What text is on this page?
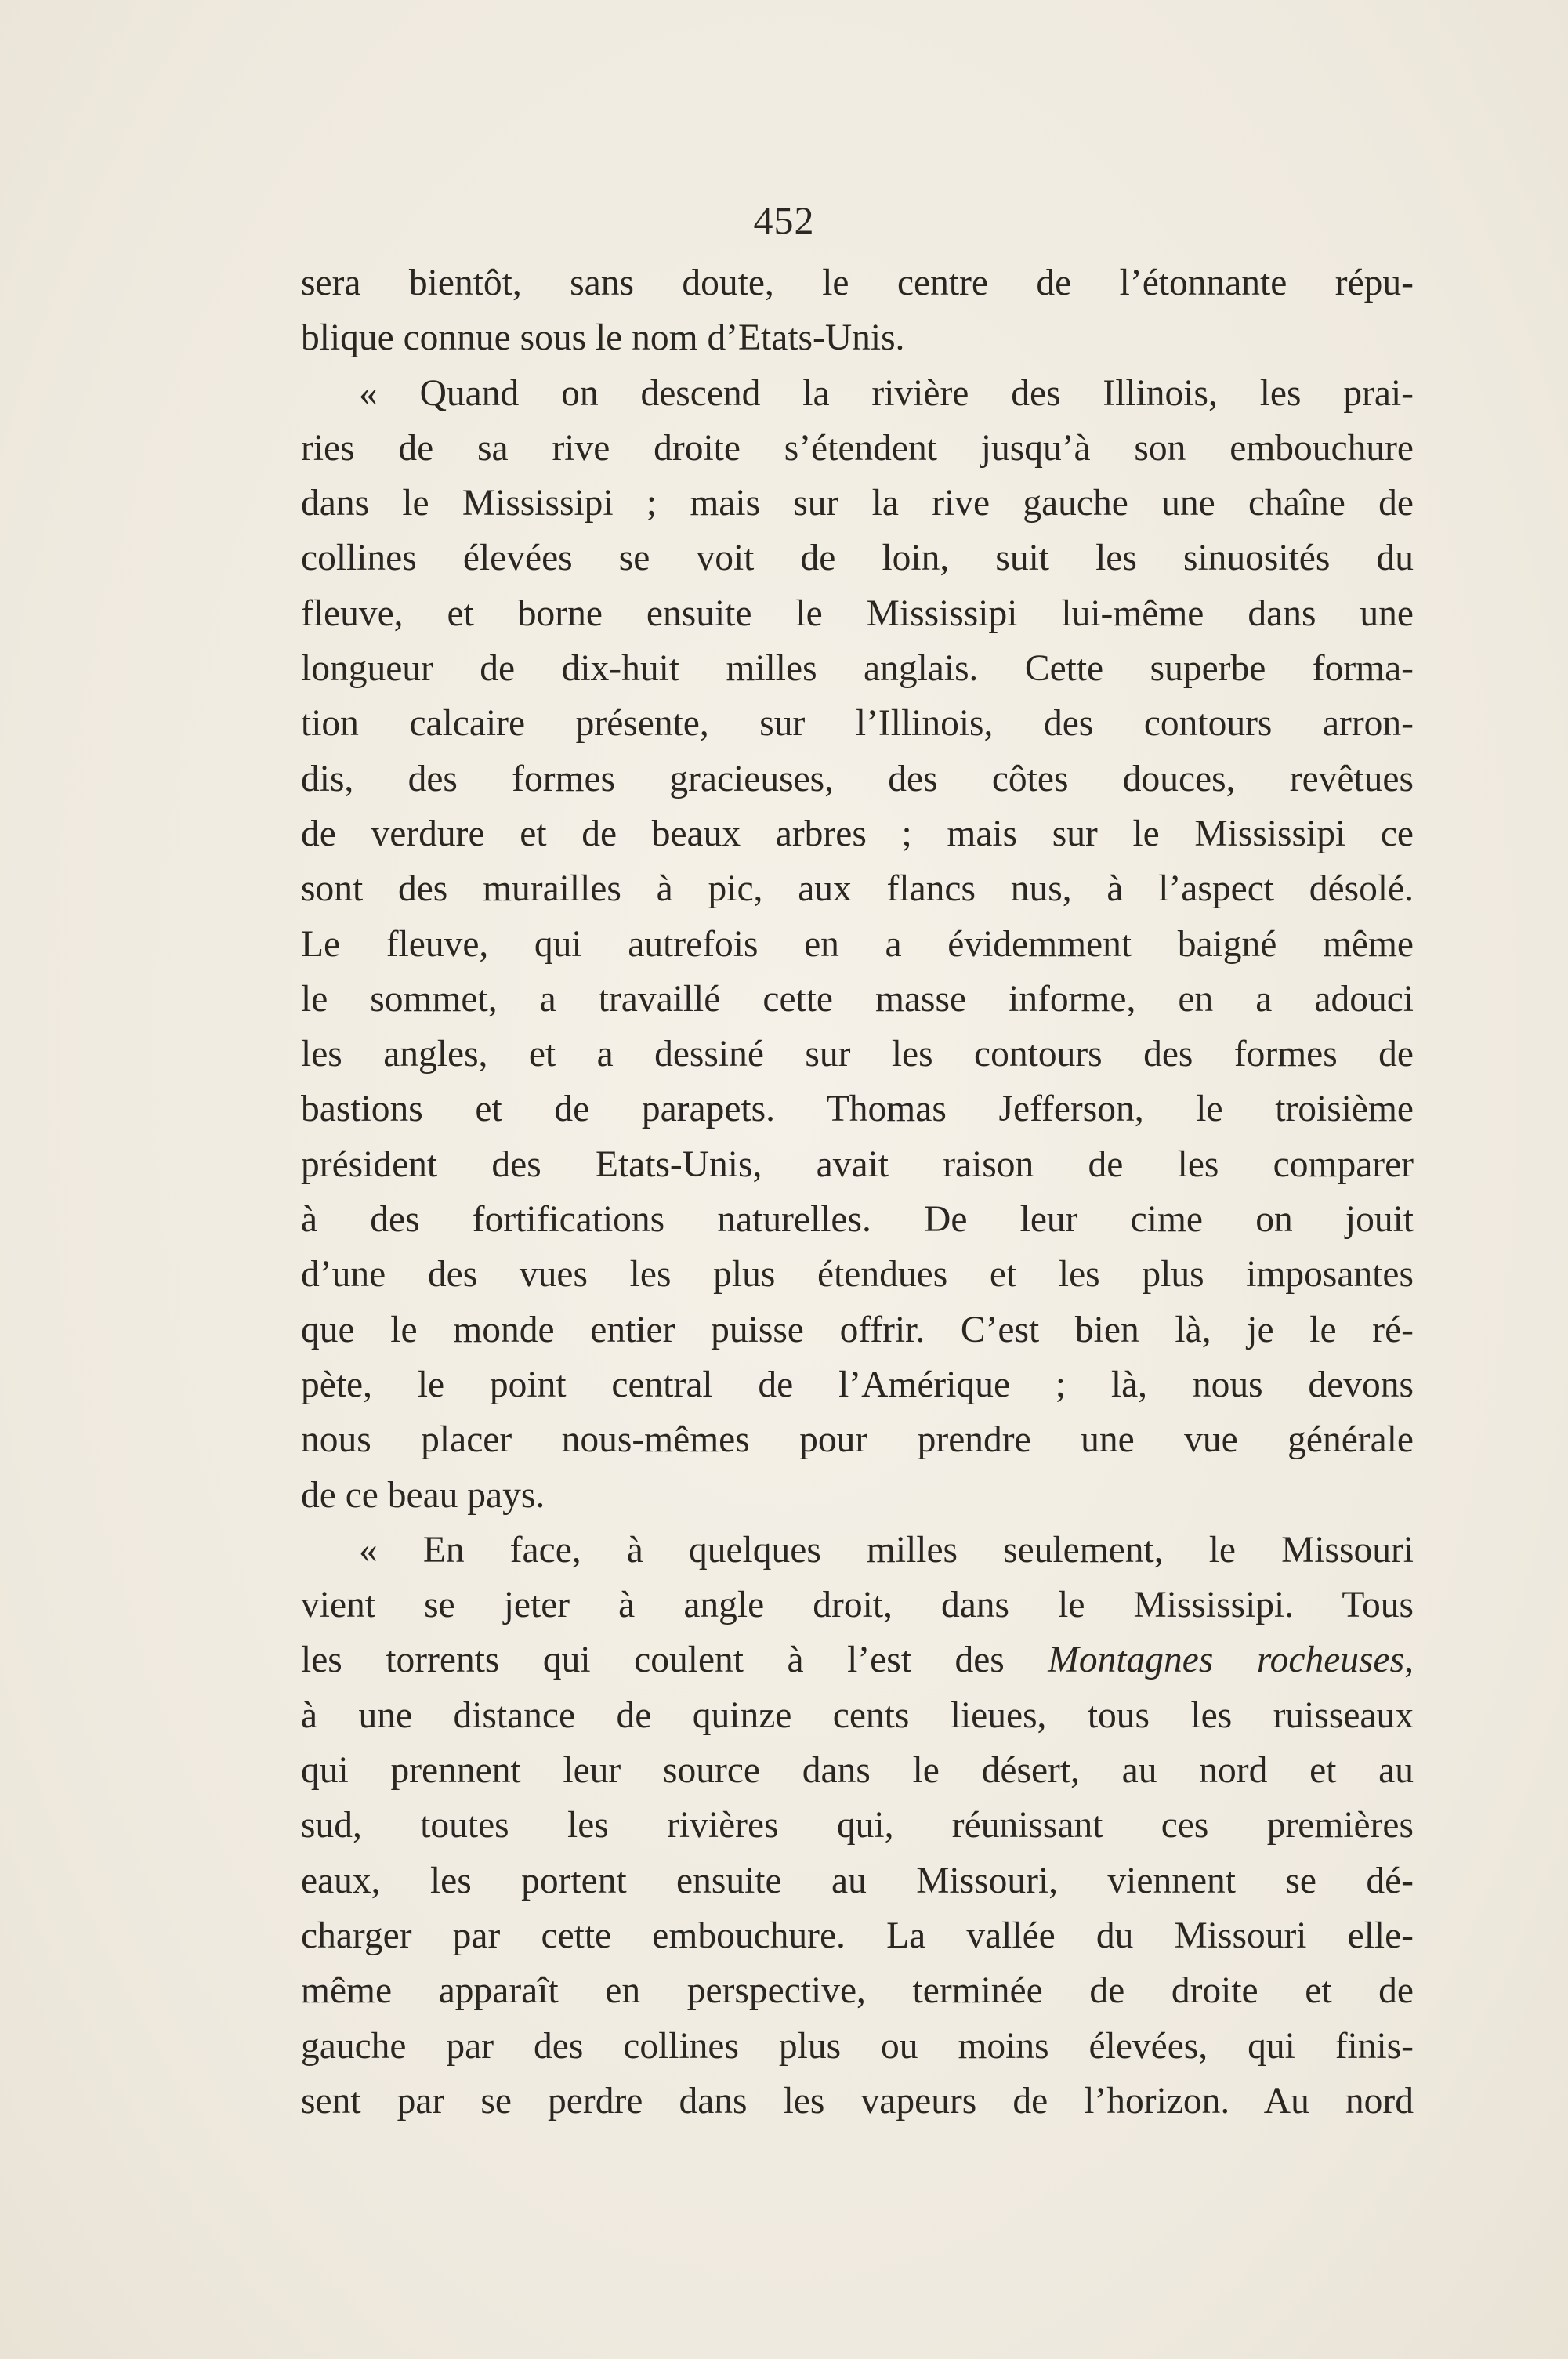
452
sera bientôt, sans doute, le centre de l’étonnante répu-
blique connue sous le nom d’Etats-Unis.
« Quand on descend la rivière des Illinois, les prai-
ries de sa rive droite s’étendent jusqu’à son embouchure
dans le Mississipi ; mais sur la rive gauche une chaîne de
collines élevées se voit de loin, suit les sinuosités du
fleuve, et borne ensuite le Mississipi lui-même dans une
longueur de dix-huit milles anglais. Cette superbe forma-
tion calcaire présente, sur l’Illinois, des contours arron-
dis, des formes gracieuses, des côtes douces, revêtues
de verdure et de beaux arbres ; mais sur le Mississipi ce
sont des murailles à pic, aux flancs nus, à l’aspect désolé.
Le fleuve, qui autrefois en a évidemment baigné même
le sommet, a travaillé cette masse informe, en a adouci
les angles, et a dessiné sur les contours des formes de
bastions et de parapets. Thomas Jefferson, le troisième
président des Etats-Unis, avait raison de les comparer
à des fortifications naturelles. De leur cime on jouit
d’une des vues les plus étendues et les plus imposantes
que le monde entier puisse offrir. C’est bien là, je le ré-
pète, le point central de l’Amérique ; là, nous devons
nous placer nous-mêmes pour prendre une vue générale
de ce beau pays.
« En face, à quelques milles seulement, le Missouri
vient se jeter à angle droit, dans le Mississipi. Tous
les torrents qui coulent à l’est des Montagnes rocheuses,
à une distance de quinze cents lieues, tous les ruisseaux
qui prennent leur source dans le désert, au nord et au
sud, toutes les rivières qui, réunissant ces premières
eaux, les portent ensuite au Missouri, viennent se dé-
charger par cette embouchure. La vallée du Missouri elle-
même apparaît en perspective, terminée de droite et de
gauche par des collines plus ou moins élevées, qui finis-
sent par se perdre dans les vapeurs de l’horizon. Au nord
